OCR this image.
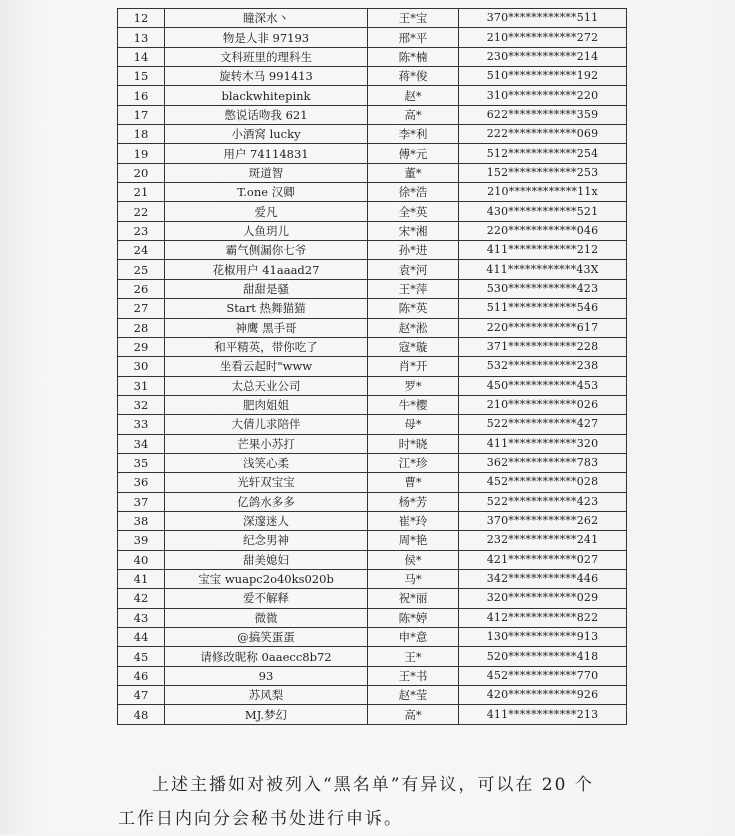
12	瞳深水丶	王*宝	370************511
13	物是人非 97193	邢*平	210************272
14	文科班里的理科生	陈*楠	230************214
15	旋转木马 991413	蒋*俊	510************192
16	blackwhitepink	赵*	310************220
17	憋说话吻我 621	高*	622************359
18	小酒窝 lucky	李*利	222************069
19	用户 74114831	傅*元	512************254
20	斑道智	董*	152************253
21	T.one 汉卿	徐*浩	210************11x
22	爱凡	全*英	430************521
23	人鱼玥儿	宋*湘	220************046
24	霸气侧漏你七爷	孙*进	411************212
25	花椒用户 41aaad27	袁*河	411************43X
26	甜甜是骚	王*萍	530************423
27	Start 热舞猫猫	陈*英	511************546
28	神鹰 黑手哥	赵*淞	220************617
29	和平精英，带你吃了	寇*璇	371************228
30	坐看云起时"www	肖*开	532************238
31	太总天业公司	罗*	450************453
32	肥肉姐姐	牛*樱	210************026
33	大倩儿求陪伴	母*	522************427
34	芒果小苏打	时*晓	411************320
35	浅笑心柔	江*珍	362************783
36	光轩双宝宝	曹*	452************028
37	亿鸽水多多	杨*芳	522************423
38	深邃迷人	崔*玲	370************262
39	纪念男神	周*艳	232************241
40	甜美媳妇	侯*	421************027
41	宝宝 wuapc2o40ks020b	马*	342************446
42	爱不解释	祝*丽	320************029
43	微微	陈*婷	412************822
44	@搞笑蛋蛋	申*意	130************913
45	请修改昵称 0aaecc8b72	王*	520************418
46	93	王*书	452************770
47	苏风梨	赵*莹	420************926
48	MJ.梦幻	高*	411************213
上述主播如对被列入“黑名单”有异议，可以在 20 个
工作日内向分会秘书处进行申诉。
